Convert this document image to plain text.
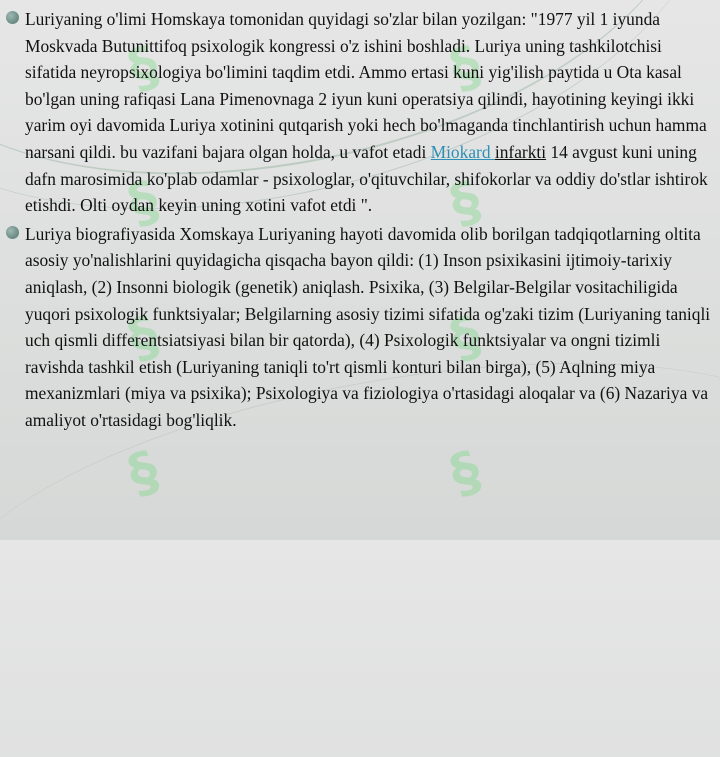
§
§
§
§
§
§
§
§
Luriyaning o'limi Homskaya tomonidan quyidagi so'zlar bilan yozilgan: "1977 yil 1 iyunda Moskvada Butunittifoq psixologik kongressi o'z ishini boshladi. Luriya uning tashkilotchisi sifatida neyropsixologiya bo'limini taqdim etdi. Ammo ertasi kuni yig'ilish paytida u Ota kasal bo'lgan uning rafiqasi Lana Pimenovnaga 2 iyun kuni operatsiya qilindi, hayotining keyingi ikki yarim oyi davomida Luriya xotinini qutqarish yoki hech bo'lmaganda tinchlantirish uchun hamma narsani qildi. bu vazifani bajara olgan holda, u vafot etadi Miokard infarkti 14 avgust kuni uning dafn marosimida ko'plab odamlar - psixologlar, o'qituvchilar, shifokorlar va oddiy do'stlar ishtirok etishdi. Olti oydan keyin uning xotini vafot etdi ".
Luriya biografiyasida Xomskaya Luriyaning hayoti davomida olib borilgan tadqiqotlarning oltita asosiy yo'nalishlarini quyidagicha qisqacha bayon qildi: (1) Inson psixikasini ijtimoiy-tarixiy aniqlash, (2) Insonni biologik (genetik) aniqlash. Psixika, (3) Belgilar-Belgilar vositachiligida yuqori psixologik funktsiyalar; Belgilarning asosiy tizimi sifatida og'zaki tizim (Luriyaning taniqli uch qismli differentsiatsiyasi bilan bir qatorda), (4) Psixologik funktsiyalar va ongni tizimli ravishda tashkil etish (Luriyaning taniqli to'rt qismli konturi bilan birga), (5) Aqlning miya mexanizmlari (miya va psixika); Psixologiya va fiziologiya o'rtasidagi aloqalar va (6) Nazariya va amaliyot o'rtasidagi bog'liqlik.
